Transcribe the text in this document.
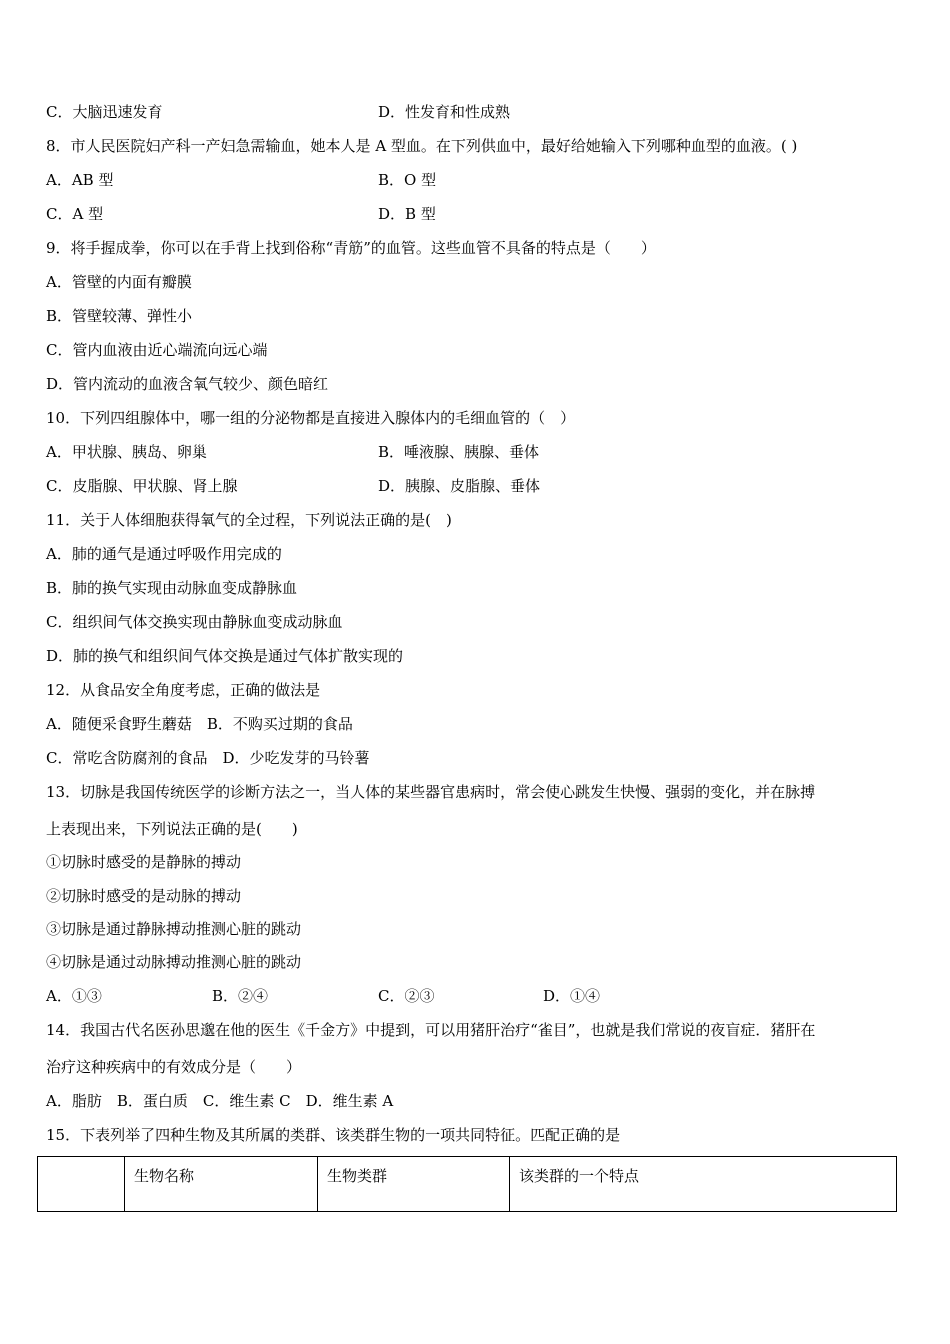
C．大脑迅速发育	D．性发育和性成熟
8．市人民医院妇产科一产妇急需输血，她本人是 A 型血。在下列供血中，最好给她输入下列哪种血型的血液。( )
A．AB 型	B．O 型
C．A 型	D．B 型
9．将手握成拳，你可以在手背上找到俗称“青筋”的血管。这些血管不具备的特点是（　　）
A．管壁的内面有瓣膜
B．管壁较薄、弹性小
C．管内血液由近心端流向远心端
D．管内流动的血液含氧气较少、颜色暗红
10．下列四组腺体中，哪一组的分泌物都是直接进入腺体内的毛细血管的（　）
A．甲状腺、胰岛、卵巢	B．唾液腺、胰腺、垂体
C．皮脂腺、甲状腺、肾上腺	D．胰腺、皮脂腺、垂体
11．关于人体细胞获得氧气的全过程，下列说法正确的是(　)
A．肺的通气是通过呼吸作用完成的
B．肺的换气实现由动脉血变成静脉血
C．组织间气体交换实现由静脉血变成动脉血
D．肺的换气和组织间气体交换是通过气体扩散实现的
12．从食品安全角度考虑，正确的做法是
A．随便采食野生蘑菇　B．不购买过期的食品
C．常吃含防腐剂的食品　D．少吃发芽的马铃薯
13．切脉是我国传统医学的诊断方法之一，当人体的某些器官患病时，常会使心跳发生快慢、强弱的变化，并在脉搏
上表现出来，下列说法正确的是(　　)
①切脉时感受的是静脉的搏动
②切脉时感受的是动脉的搏动
③切脉是通过静脉搏动推测心脏的跳动
④切脉是通过动脉搏动推测心脏的跳动
A．①③	B．②④	C．②③	D．①④
14．我国古代名医孙思邈在他的医生《千金方》中提到，可以用猪肝治疗“雀目”，也就是我们常说的夜盲症．猪肝在
治疗这种疾病中的有效成分是（　　）
A．脂肪　B．蛋白质　C．维生素 C　D．维生素 A
15．下表列举了四种生物及其所属的类群、该类群生物的一项共同特征。匹配正确的是
	生物名称	生物类群	该类群的一个特点
